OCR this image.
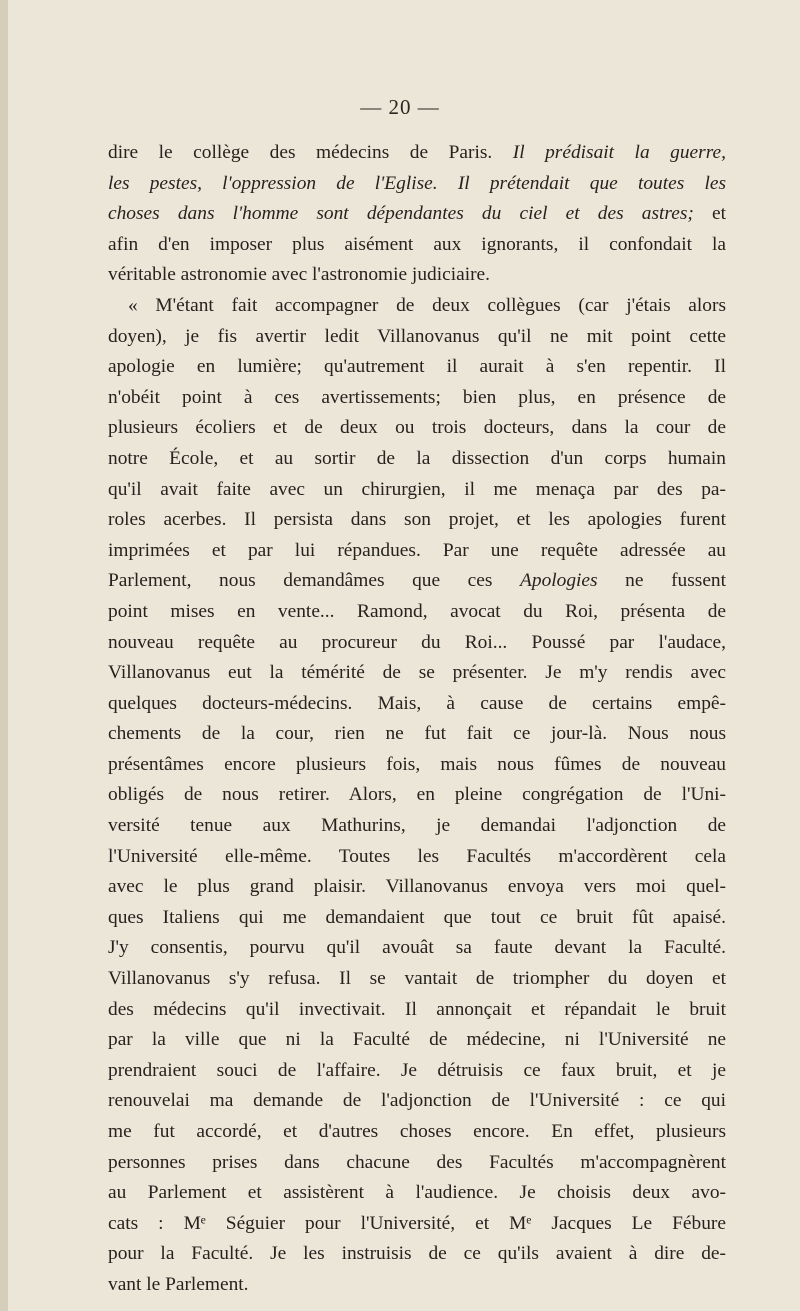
— 20 —
dire le collège des médecins de Paris. Il prédisait la guerre,
les pestes, l'oppression de l'Eglise. Il prétendait que toutes les
choses dans l'homme sont dépendantes du ciel et des astres; et
afin d'en imposer plus aisément aux ignorants, il confondait la
véritable astronomie avec l'astronomie judiciaire.
« M'étant fait accompagner de deux collègues (car j'étais alors
doyen), je fis avertir ledit Villanovanus qu'il ne mit point cette
apologie en lumière; qu'autrement il aurait à s'en repentir. Il
n'obéit point à ces avertissements; bien plus, en présence de
plusieurs écoliers et de deux ou trois docteurs, dans la cour de
notre École, et au sortir de la dissection d'un corps humain
qu'il avait faite avec un chirurgien, il me menaça par des pa-
roles acerbes. Il persista dans son projet, et les apologies furent
imprimées et par lui répandues. Par une requête adressée au
Parlement, nous demandâmes que ces Apologies ne fussent
point mises en vente... Ramond, avocat du Roi, présenta de
nouveau requête au procureur du Roi... Poussé par l'audace,
Villanovanus eut la témérité de se présenter. Je m'y rendis avec
quelques docteurs-médecins. Mais, à cause de certains empê-
chements de la cour, rien ne fut fait ce jour-là. Nous nous
présentâmes encore plusieurs fois, mais nous fûmes de nouveau
obligés de nous retirer. Alors, en pleine congrégation de l'Uni-
versité tenue aux Mathurins, je demandai l'adjonction de
l'Université elle-même. Toutes les Facultés m'accordèrent cela
avec le plus grand plaisir. Villanovanus envoya vers moi quel-
ques Italiens qui me demandaient que tout ce bruit fût apaisé.
J'y consentis, pourvu qu'il avouât sa faute devant la Faculté.
Villanovanus s'y refusa. Il se vantait de triompher du doyen et
des médecins qu'il invectivait. Il annonçait et répandait le bruit
par la ville que ni la Faculté de médecine, ni l'Université ne
prendraient souci de l'affaire. Je détruisis ce faux bruit, et je
renouvelai ma demande de l'adjonction de l'Université : ce qui
me fut accordé, et d'autres choses encore. En effet, plusieurs
personnes prises dans chacune des Facultés m'accompagnèrent
au Parlement et assistèrent à l'audience. Je choisis deux avo-
cats : Mᵉ Séguier pour l'Université, et Mᵉ Jacques Le Fébure
pour la Faculté. Je les instruisis de ce qu'ils avaient à dire de-
vant le Parlement.
